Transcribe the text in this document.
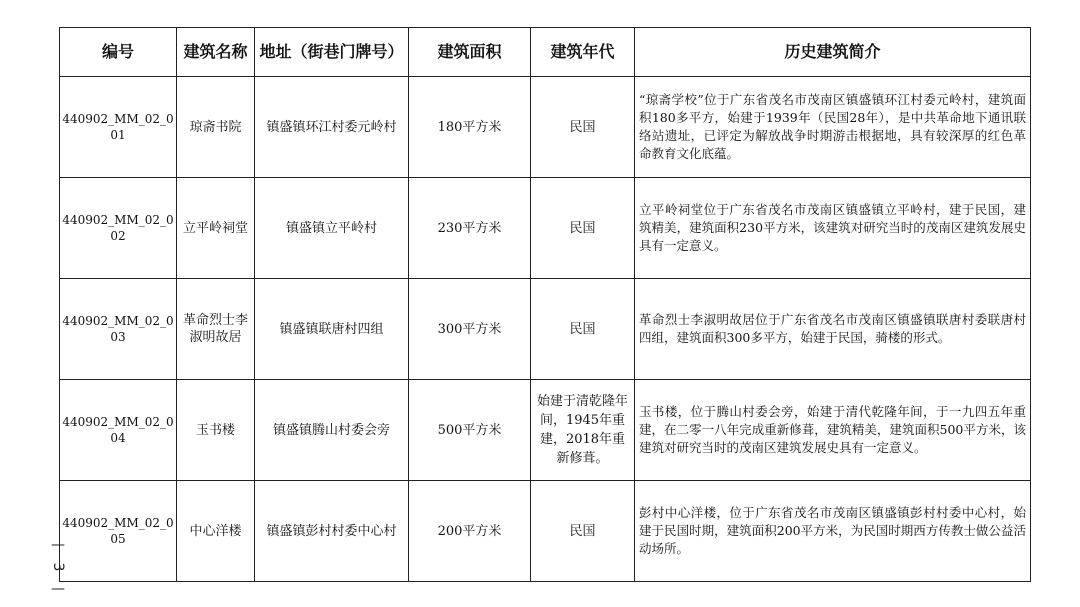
编号	建筑名称	地址（街巷门牌号）	建筑面积	建筑年代	历史建筑简介
440902_MM_02_001	琼斋书院	镇盛镇环江村委元岭村	180平方米	民国	“琼斋学校”位于广东省茂名市茂南区镇盛镇环江村委元岭村，建筑面积180多平方，始建于1939年（民国28年），是中共革命地下通讯联络站遗址，已评定为解放战争时期游击根据地，具有较深厚的红色革命教育文化底蕴。
440902_MM_02_002	立平岭祠堂	镇盛镇立平岭村	230平方米	民国	立平岭祠堂位于广东省茂名市茂南区镇盛镇立平岭村，建于民国，建筑精美，建筑面积230平方米，该建筑对研究当时的茂南区建筑发展史具有一定意义。
440902_MM_02_003	革命烈士李淑明故居	镇盛镇联唐村四组	300平方米	民国	革命烈士李淑明故居位于广东省茂名市茂南区镇盛镇联唐村委联唐村四组，建筑面积300多平方，始建于民国，骑楼的形式。
440902_MM_02_004	玉书楼	镇盛镇腾山村委会旁	500平方米	始建于清乾隆年间，1945年重建，2018年重新修葺。	玉书楼，位于腾山村委会旁，始建于清代乾隆年间，于一九四五年重建，在二零一八年完成重新修葺，建筑精美，建筑面积500平方米，该建筑对研究当时的茂南区建筑发展史具有一定意义。
440902_MM_02_005	中心洋楼	镇盛镇彭村村委中心村	200平方米	民国	彭村中心洋楼，位于广东省茂名市茂南区镇盛镇彭村村委中心村，始建于民国时期，建筑面积200平方米，为民国时期西方传教士做公益活动场所。
—
3
—
